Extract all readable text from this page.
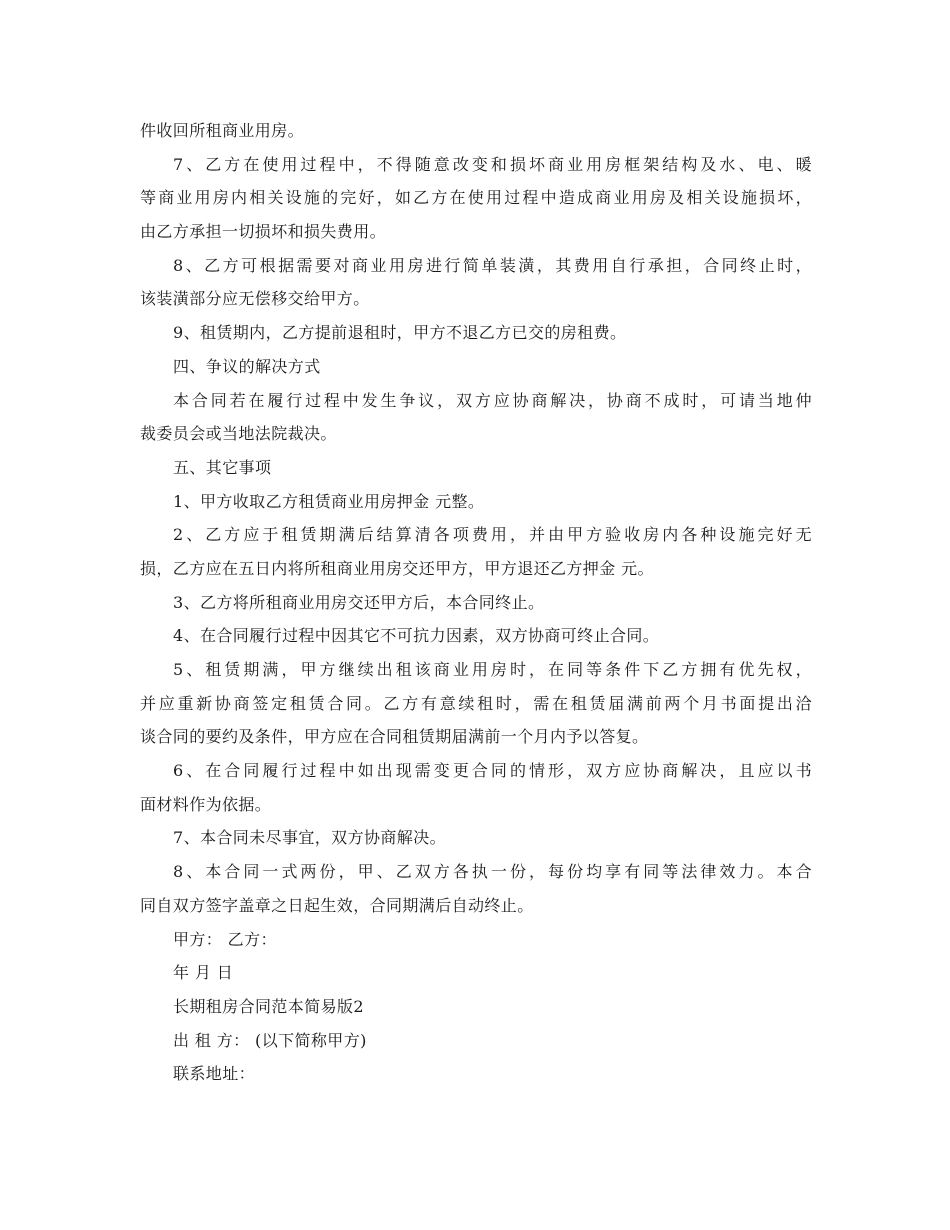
件收回所租商业用房。
7、乙方在使用过程中，不得随意改变和损坏商业用房框架结构及水、电、暖
等商业用房内相关设施的完好，如乙方在使用过程中造成商业用房及相关设施损坏，
由乙方承担一切损坏和损失费用。
8、乙方可根据需要对商业用房进行简单装潢，其费用自行承担，合同终止时，
该装潢部分应无偿移交给甲方。
9、租赁期内，乙方提前退租时，甲方不退乙方已交的房租费。
四、争议的解决方式
本合同若在履行过程中发生争议，双方应协商解决，协商不成时，可请当地仲
裁委员会或当地法院裁决。
五、其它事项
1、甲方收取乙方租赁商业用房押金 元整。
2、乙方应于租赁期满后结算清各项费用，并由甲方验收房内各种设施完好无
损，乙方应在五日内将所租商业用房交还甲方，甲方退还乙方押金 元。
3、乙方将所租商业用房交还甲方后，本合同终止。
4、在合同履行过程中因其它不可抗力因素，双方协商可终止合同。
5、租赁期满，甲方继续出租该商业用房时，在同等条件下乙方拥有优先权，
并应重新协商签定租赁合同。乙方有意续租时，需在租赁届满前两个月书面提出洽
谈合同的要约及条件，甲方应在合同租赁期届满前一个月内予以答复。
6、在合同履行过程中如出现需变更合同的情形，双方应协商解决，且应以书
面材料作为依据。
7、本合同未尽事宜，双方协商解决。
8、本合同一式两份，甲、乙双方各执一份，每份均享有同等法律效力。本合
同自双方签字盖章之日起生效，合同期满后自动终止。
甲方： 乙方：
年 月 日
长期租房合同范本简易版2
出 租 方： (以下简称甲方)
联系地址：
